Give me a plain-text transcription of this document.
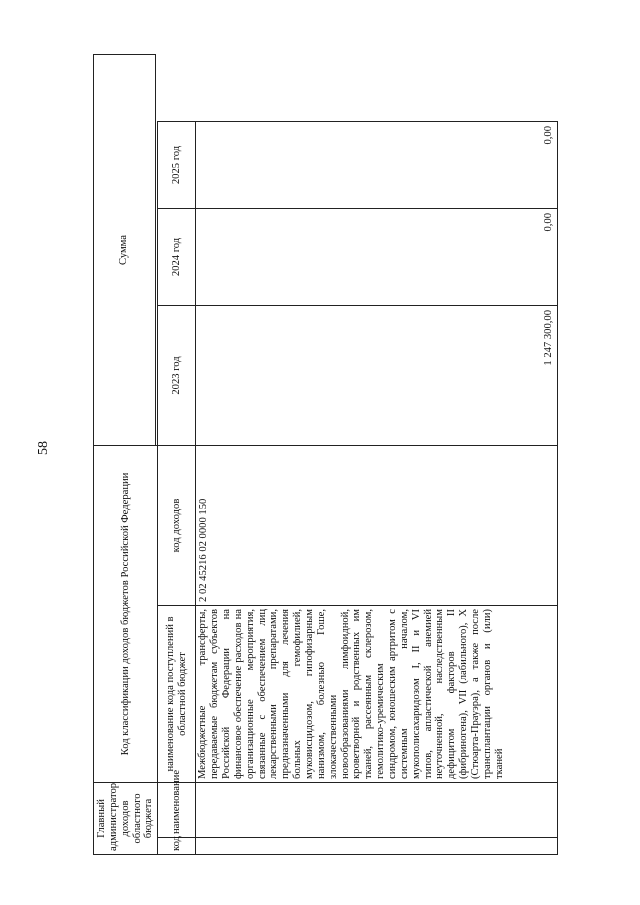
58
Главный администратор доходов областного бюджета		Код классификации доходов бюджетов Российской Федерации		Сумма		

код	наименование	наименование кода поступлений в областной бюджет	код доходов	2023 год	2024 год	2025 год
		Межбюджетные трансферты, передаваемые бюджетам субъектов Российской Федерации на финансовое обеспечение расходов на организационные мероприятия, связанные с обеспечением лиц лекарственными препаратами, предназначенными для лечения больных гемофилией, муковисцидозом, гипофизарным нанизмом, болезнью Гоше, злокачественными новообразованиями лимфоидной, кроветворной и родственных им тканей, рассеянным склерозом, гемолитико-уремическим синдромом, юношеским артритом с системным началом, мукополисахаридозом I, II и VI типов, апластической анемией неуточненной, наследственным дефицитом факторов II (фибриногена), VII (лабильного), X (Стюарта-Прауэра), а также после трансплантации органов и (или) тканей	2 02 45216 02 0000 150	1 247 300,00	0,00	0,00
